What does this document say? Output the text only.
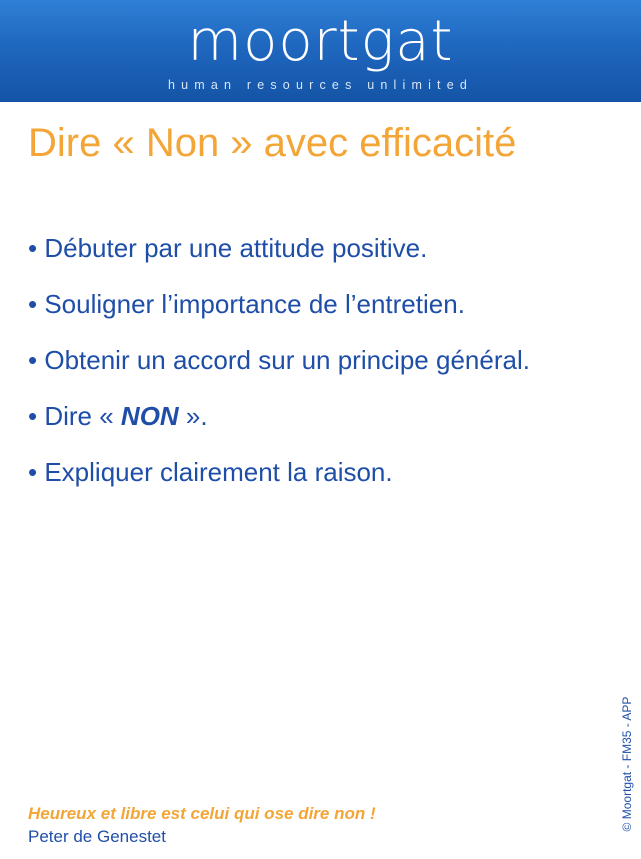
moortgat
human resources unlimited
Dire « Non » avec efficacité
• Débuter par une attitude positive.
• Souligner l’importance de l’entretien.
• Obtenir un accord sur un principe général.
• Dire « NON ».
• Expliquer clairement la raison.
Heureux et libre est celui qui ose dire non !
Peter de Genestet
© Moortgat - FM35 - APP
